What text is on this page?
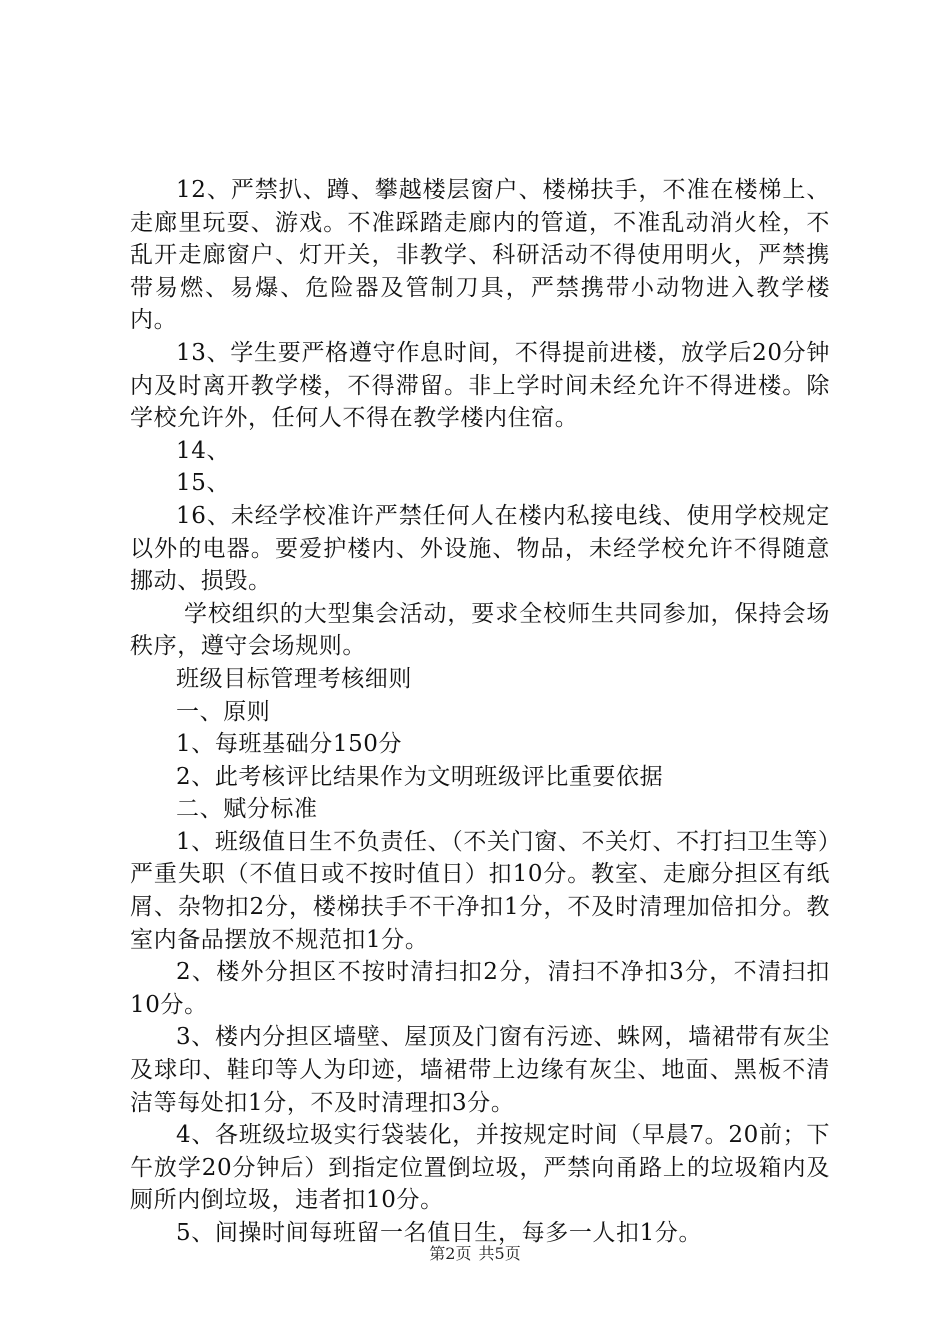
12、严禁扒、蹲、攀越楼层窗户、楼梯扶手，不准在楼梯上、走廊里玩耍、游戏。不准踩踏走廊内的管道，不准乱动消火栓，不乱开走廊窗户、灯开关，非教学、科研活动不得使用明火，严禁携带易燃、易爆、危险器及管制刀具，严禁携带小动物进入教学楼内。

13、学生要严格遵守作息时间，不得提前进楼，放学后20分钟内及时离开教学楼，不得滞留。非上学时间未经允许不得进楼。除学校允许外，任何人不得在教学楼内住宿。

14、

15、

16、未经学校准许严禁任何人在楼内私接电线、使用学校规定以外的电器。要爱护楼内、外设施、物品，未经学校允许不得随意挪动、损毁。

学校组织的大型集会活动，要求全校师生共同参加，保持会场秩序，遵守会场规则。

班级目标管理考核细则

一、原则

1、每班基础分150分

2、此考核评比结果作为文明班级评比重要依据

二、赋分标准

1、班级值日生不负责任、（不关门窗、不关灯、不打扫卫生等）严重失职（不值日或不按时值日）扣10分。教室、走廊分担区有纸屑、杂物扣2分，楼梯扶手不干净扣1分，不及时清理加倍扣分。教室内备品摆放不规范扣1分。

2、楼外分担区不按时清扫扣2分，清扫不净扣3分，不清扫扣10分。

3、楼内分担区墙壁、屋顶及门窗有污迹、蛛网，墙裙带有灰尘及球印、鞋印等人为印迹，墙裙带上边缘有灰尘、地面、黑板不清洁等每处扣1分，不及时清理扣3分。

4、各班级垃圾实行袋装化，并按规定时间（早晨7。20前；下午放学20分钟后）到指定位置倒垃圾，严禁向甬路上的垃圾箱内及厕所内倒垃圾，违者扣10分。

5、间操时间每班留一名值日生，每多一人扣1分。

第2页 共5页
